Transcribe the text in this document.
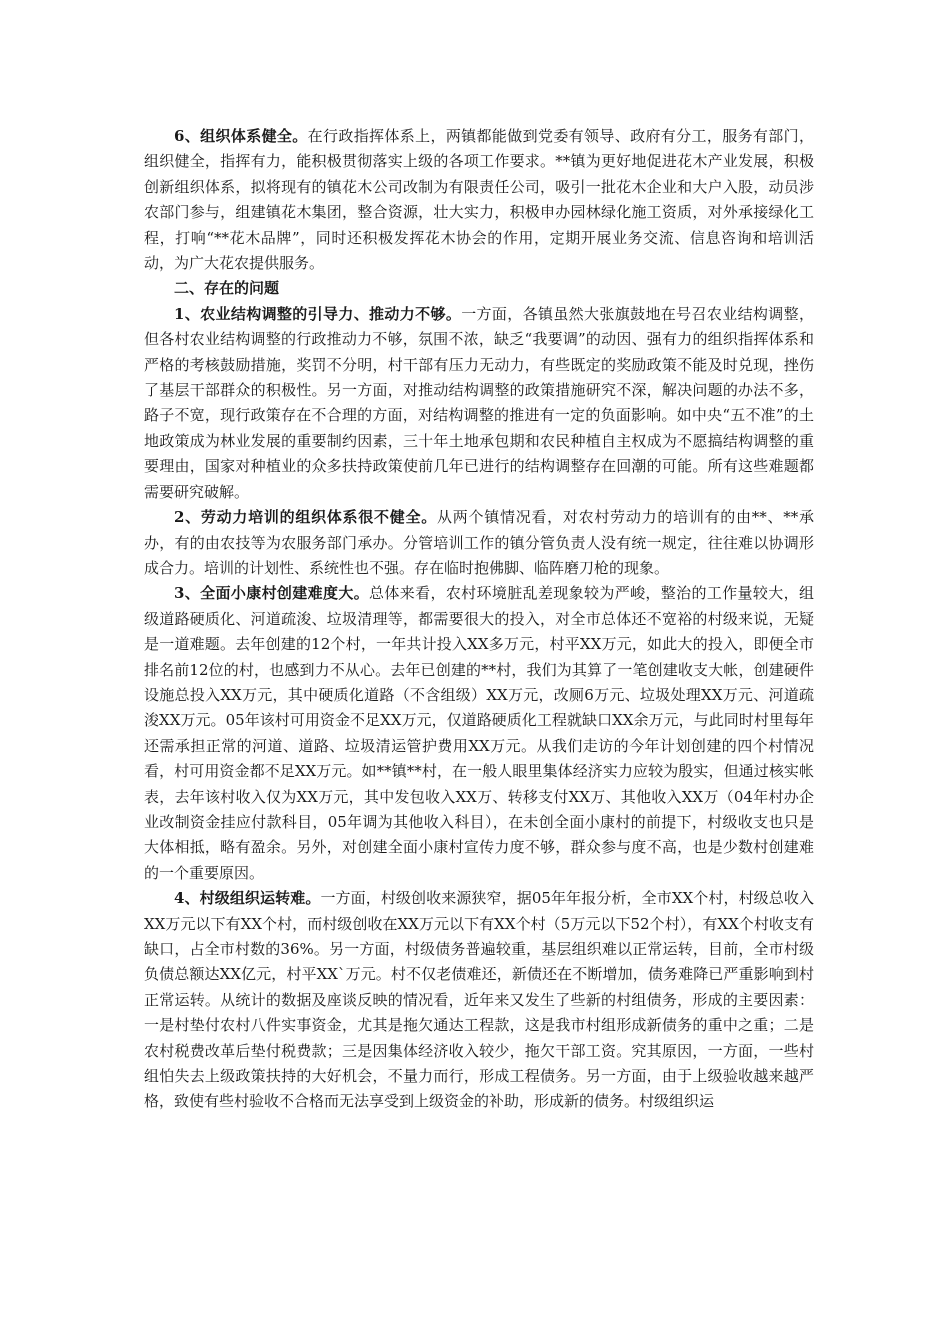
6、组织体系健全。在行政指挥体系上，两镇都能做到党委有领导、政府有分工，服务有部门，组织健全，指挥有力，能积极贯彻落实上级的各项工作要求。**镇为更好地促进花木产业发展，积极创新组织体系，拟将现有的镇花木公司改制为有限责任公司，吸引一批花木企业和大户入股，动员涉农部门参与，组建镇花木集团，整合资源，壮大实力，积极申办园林绿化施工资质，对外承接绿化工程，打响“**花木品牌”，同时还积极发挥花木协会的作用，定期开展业务交流、信息咨询和培训活动，为广大花农提供服务。

二、存在的问题

1、农业结构调整的引导力、推动力不够。一方面，各镇虽然大张旗鼓地在号召农业结构调整，但各村农业结构调整的行政推动力不够，氛围不浓，缺乏“我要调”的动因、强有力的组织指挥体系和严格的考核鼓励措施，奖罚不分明，村干部有压力无动力，有些既定的奖励政策不能及时兑现，挫伤了基层干部群众的积极性。另一方面，对推动结构调整的政策措施研究不深，解决问题的办法不多，路子不宽，现行政策存在不合理的方面，对结构调整的推进有一定的负面影响。如中央“五不准”的土地政策成为林业发展的重要制约因素，三十年土地承包期和农民种植自主权成为不愿搞结构调整的重要理由，国家对种植业的众多扶持政策使前几年已进行的结构调整存在回潮的可能。所有这些难题都需要研究破解。

2、劳动力培训的组织体系很不健全。从两个镇情况看，对农村劳动力的培训有的由**、**承办，有的由农技等为农服务部门承办。分管培训工作的镇分管负责人没有统一规定，往往难以协调形成合力。培训的计划性、系统性也不强。存在临时抱佛脚、临阵磨刀枪的现象。

3、全面小康村创建难度大。总体来看，农村环境脏乱差现象较为严峻，整治的工作量较大，组级道路硬质化、河道疏浚、垃圾清理等，都需要很大的投入，对全市总体还不宽裕的村级来说，无疑是一道难题。去年创建的12个村，一年共计投入XX多万元，村平XX万元，如此大的投入，即便全市排名前12位的村，也感到力不从心。去年已创建的**村，我们为其算了一笔创建收支大帐，创建硬件设施总投入XX万元，其中硬质化道路（不含组级）XX万元，改厕6万元、垃圾处理XX万元、河道疏浚XX万元。05年该村可用资金不足XX万元，仅道路硬质化工程就缺口XX余万元，与此同时村里每年还需承担正常的河道、道路、垃圾清运管护费用XX万元。从我们走访的今年计划创建的四个村情况看，村可用资金都不足XX万元。如**镇**村，在一般人眼里集体经济实力应较为殷实，但通过核实帐表，去年该村收入仅为XX万元，其中发包收入XX万、转移支付XX万、其他收入XX万（04年村办企业改制资金挂应付款科目，05年调为其他收入科目），在未创全面小康村的前提下，村级收支也只是大体相抵，略有盈余。另外，对创建全面小康村宣传力度不够，群众参与度不高，也是少数村创建难的一个重要原因。

4、村级组织运转难。一方面，村级创收来源狭窄，据05年年报分析，全市XX个村，村级总收入XX万元以下有XX个村，而村级创收在XX万元以下有XX个村（5万元以下52个村），有XX个村收支有缺口，占全市村数的36%。另一方面，村级债务普遍较重，基层组织难以正常运转，目前，全市村级负债总额达XX亿元，村平XX`万元。村不仅老债难还，新债还在不断增加，债务难降已严重影响到村正常运转。从统计的数据及座谈反映的情况看，近年来又发生了些新的村组债务，形成的主要因素：一是村垫付农村八件实事资金，尤其是拖欠通达工程款，这是我市村组形成新债务的重中之重；二是农村税费改革后垫付税费款；三是因集体经济收入较少，拖欠干部工资。究其原因，一方面，一些村组怕失去上级政策扶持的大好机会，不量力而行，形成工程债务。另一方面，由于上级验收越来越严格，致使有些村验收不合格而无法享受到上级资金的补助，形成新的债务。村级组织运
